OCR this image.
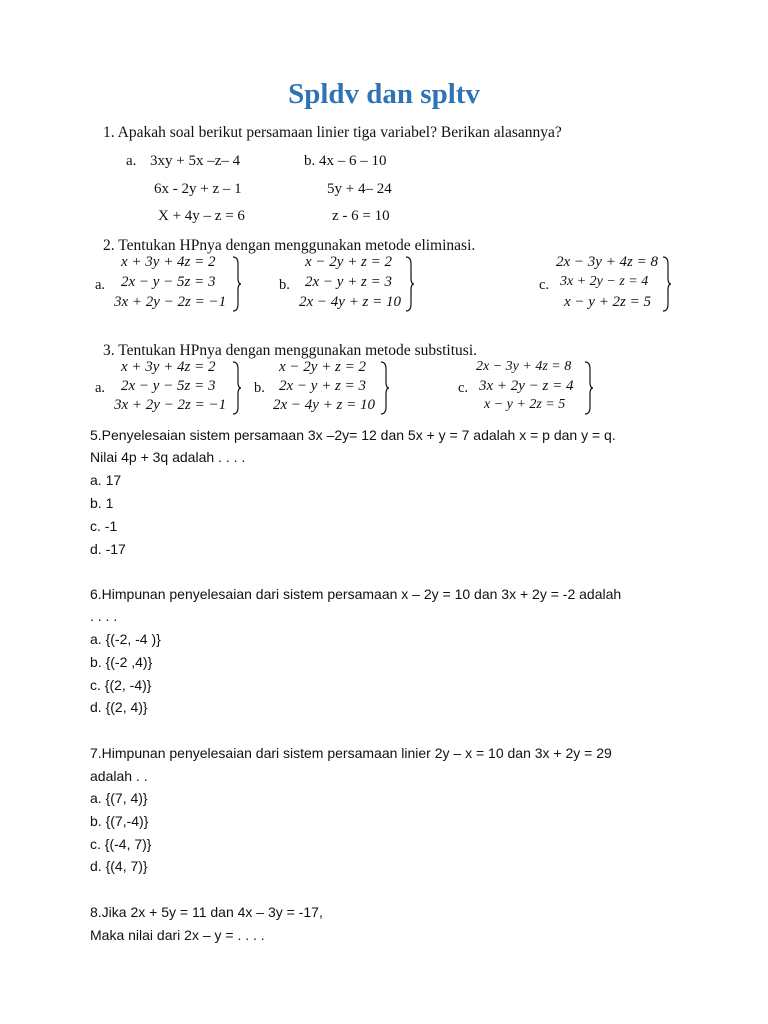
Spldv dan spltv
1. Apakah soal berikut persamaan linier tiga variabel? Berikan alasannya?
a. 3xy + 5x –z– 4
6x - 2y + z – 1
X + 4y – z = 6
b. 4x – 6 – 10
5y + 4– 24
z - 6 = 10
2. Tentukan HPnya dengan menggunakan metode eliminasi.
a.
x + 3y + 4z = 2
2x − y − 5z = 3
3x + 2y − 2z = −1
b.
x − 2y + z = 2
2x − y + z = 3
2x − 4y + z = 10
c.
2x − 3y + 4z = 8
3x + 2y − z = 4
x − y + 2z = 5
3. Tentukan HPnya dengan menggunakan metode substitusi.
a.
x + 3y + 4z = 2
2x − y − 5z = 3
3x + 2y − 2z = −1
b.
x − 2y + z = 2
2x − y + z = 3
2x − 4y + z = 10
c.
2x − 3y + 4z = 8
3x + 2y − z = 4
x − y + 2z = 5
5.Penyelesaian sistem persamaan 3x –2y= 12 dan 5x + y = 7 adalah x = p dan y = q.
Nilai 4p + 3q adalah . . . .
a. 17
b. 1
c. -1
d. -17
6.Himpunan penyelesaian dari sistem persamaan x – 2y = 10 dan 3x + 2y = -2 adalah
. . . .
a. {(-2, -4 )}
b. {(-2 ,4)}
c. {(2, -4)}
d. {(2, 4)}
7.Himpunan penyelesaian dari sistem persamaan linier 2y – x = 10 dan 3x + 2y = 29
adalah . .
a. {(7, 4)}
b. {(7,-4)}
c. {(-4, 7)}
d. {(4, 7)}
8.Jika 2x + 5y = 11 dan 4x – 3y = -17,
Maka nilai dari 2x – y = . . . .
